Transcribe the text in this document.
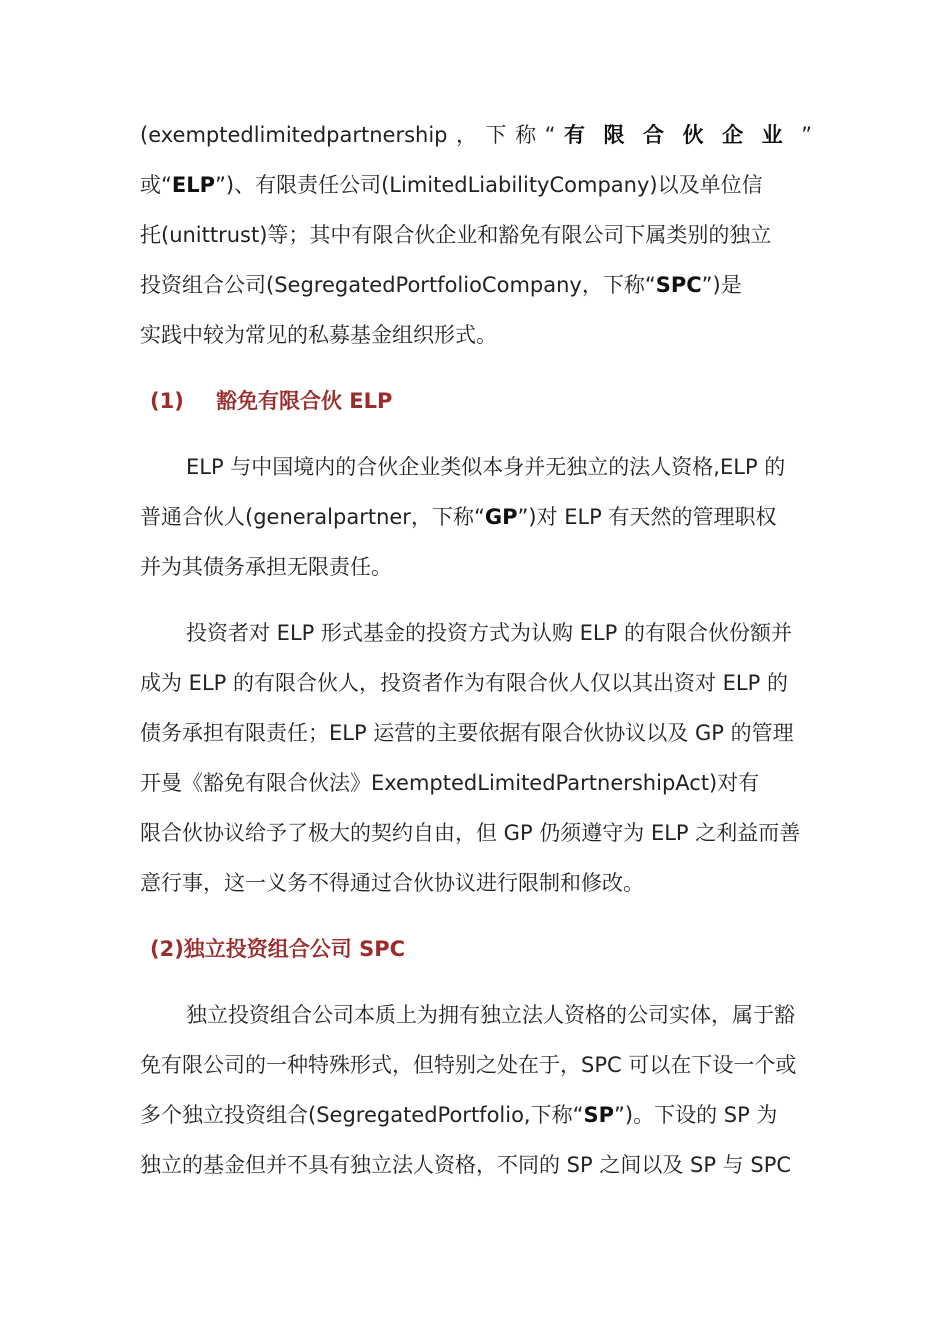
(exemptedlimitedpartnership，下称“有限合伙企业”
或“ELP”)、有限责任公司(LimitedLiabilityCompany)以及单位信
托(unittrust)等；其中有限合伙企业和豁免有限公司下属类别的独立
投资组合公司(SegregatedPortfolioCompany，下称“SPC”)是
实践中较为常见的私募基金组织形式。
(1) 豁免有限合伙 ELP
ELP 与中国境内的合伙企业类似本身并无独立的法人资格,ELP 的
普通合伙人(generalpartner，下称“GP”)对 ELP 有天然的管理职权
并为其债务承担无限责任。
投资者对 ELP 形式基金的投资方式为认购 ELP 的有限合伙份额并
成为 ELP 的有限合伙人，投资者作为有限合伙人仅以其出资对 ELP 的
债务承担有限责任；ELP 运营的主要依据有限合伙协议以及 GP 的管理
开曼《豁免有限合伙法》ExemptedLimitedPartnershipAct)对有
限合伙协议给予了极大的契约自由，但 GP 仍须遵守为 ELP 之利益而善
意行事，这一义务不得通过合伙协议进行限制和修改。
(2)独立投资组合公司 SPC
独立投资组合公司本质上为拥有独立法人资格的公司实体，属于豁
免有限公司的一种特殊形式，但特别之处在于，SPC 可以在下设一个或
多个独立投资组合(SegregatedPortfolio,下称“SP”)。下设的 SP 为
独立的基金但并不具有独立法人资格，不同的 SP 之间以及 SP 与 SPC
